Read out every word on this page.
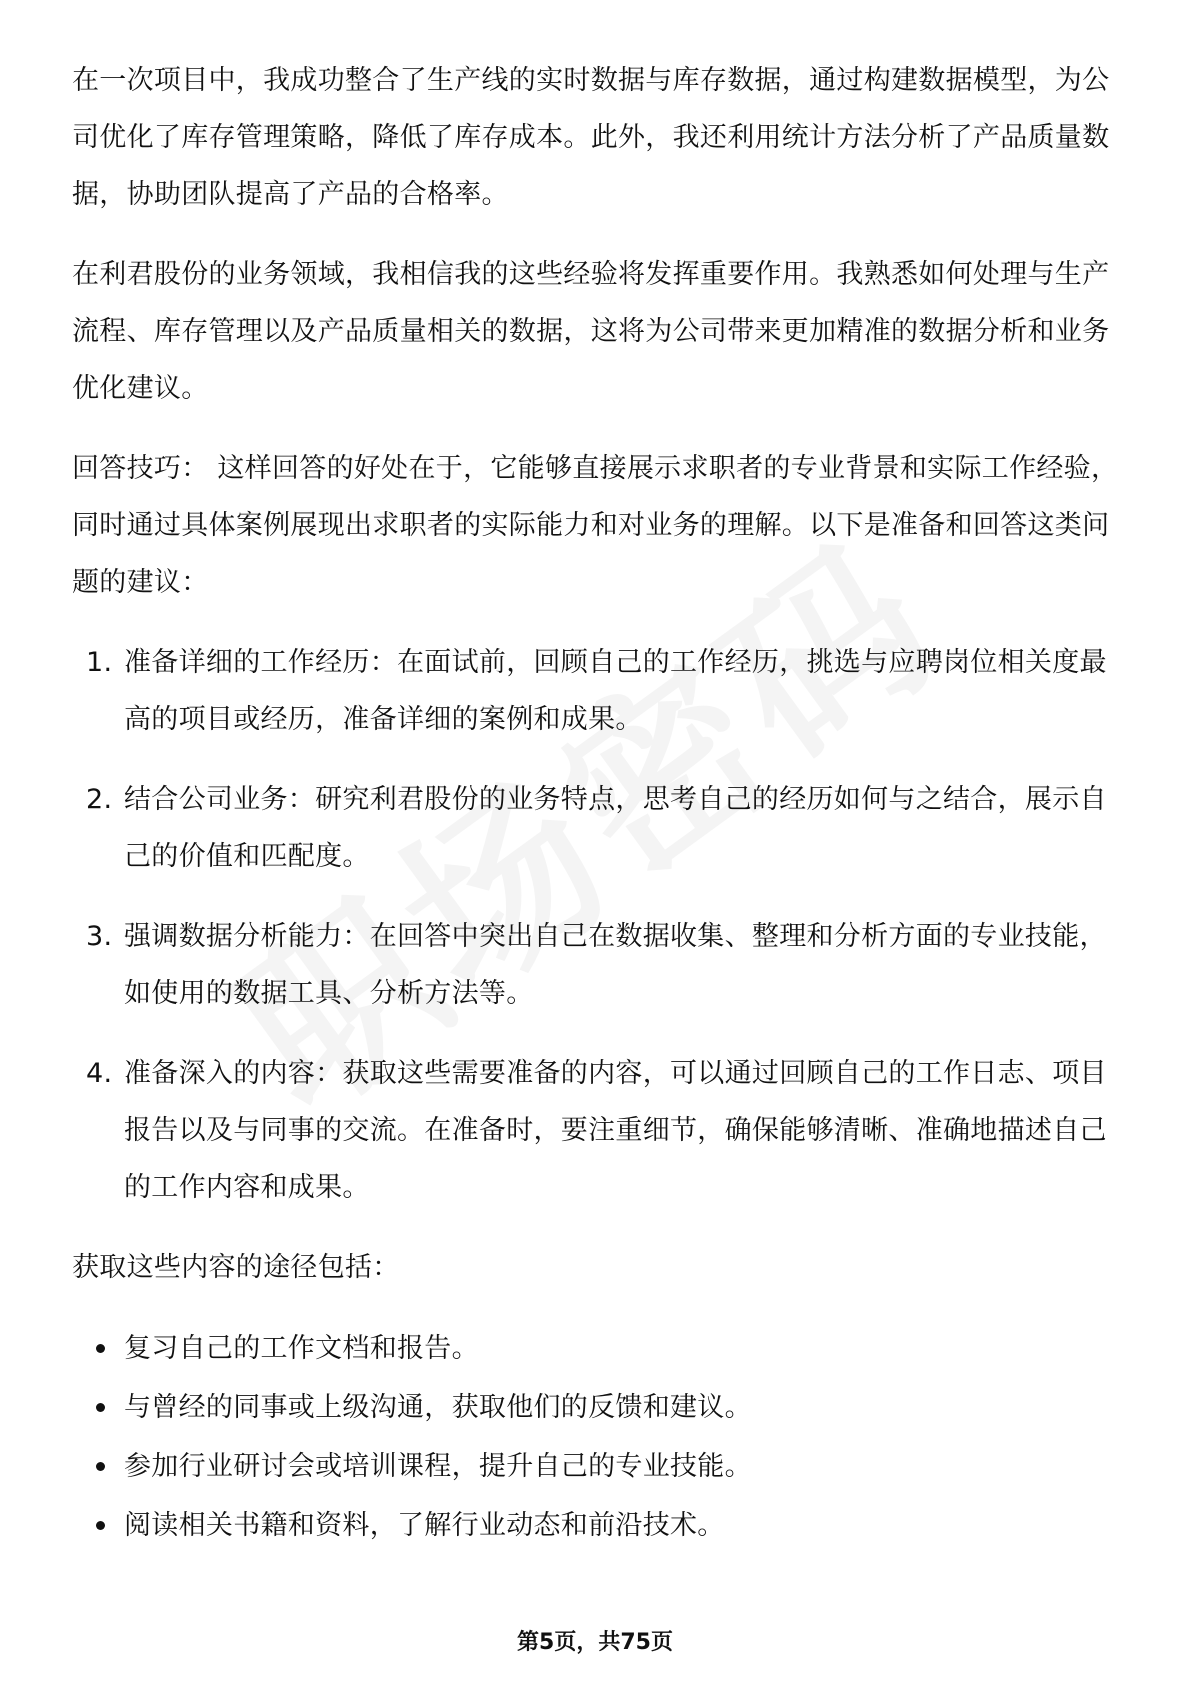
在一次项目中，我成功整合了生产线的实时数据与库存数据，通过构建数据模型，为公司优化了库存管理策略，降低了库存成本。此外，我还利用统计方法分析了产品质量数据，协助团队提高了产品的合格率。

在利君股份的业务领域，我相信我的这些经验将发挥重要作用。我熟悉如何处理与生产流程、库存管理以及产品质量相关的数据，这将为公司带来更加精准的数据分析和业务优化建议。

回答技巧： 这样回答的好处在于，它能够直接展示求职者的专业背景和实际工作经验，同时通过具体案例展现出求职者的实际能力和对业务的理解。以下是准备和回答这类问题的建议：

1. 准备详细的工作经历：在面试前，回顾自己的工作经历，挑选与应聘岗位相关度最高的项目或经历，准备详细的案例和成果。
2. 结合公司业务：研究利君股份的业务特点，思考自己的经历如何与之结合，展示自己的价值和匹配度。
3. 强调数据分析能力：在回答中突出自己在数据收集、整理和分析方面的专业技能，如使用的数据工具、分析方法等。
4. 准备深入的内容：获取这些需要准备的内容，可以通过回顾自己的工作日志、项目报告以及与同事的交流。在准备时，要注重细节，确保能够清晰、准确地描述自己的工作内容和成果。

获取这些内容的途径包括：

复习自己的工作文档和报告。
与曾经的同事或上级沟通，获取他们的反馈和建议。
参加行业研讨会或培训课程，提升自己的专业技能。
阅读相关书籍和资料，了解行业动态和前沿技术。
第5页，共75页
